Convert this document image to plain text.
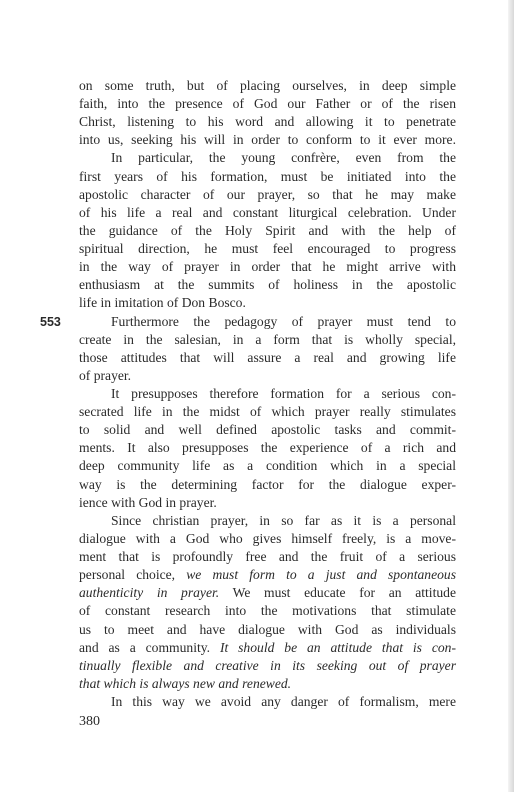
on some truth, but of placing ourselves, in deep simple
faith, into the presence of God our Father or of the risen
Christ, listening to his word and allowing it to penetrate
into us, seeking his will in order to conform to it ever more.
In particular, the young confrère, even from the
first years of his formation, must be initiated into the
apostolic character of our prayer, so that he may make
of his life a real and constant liturgical celebration. Under
the guidance of the Holy Spirit and with the help of
spiritual direction, he must feel encouraged to progress
in the way of prayer in order that he might arrive with
enthusiasm at the summits of holiness in the apostolic
life in imitation of Don Bosco.
553	Furthermore the pedagogy of prayer must tend to
create in the salesian, in a form that is wholly special,
those attitudes that will assure a real and growing life
of prayer.
It presupposes therefore formation for a serious con-
secrated life in the midst of which prayer really stimulates
to solid and well defined apostolic tasks and commit-
ments. It also presupposes the experience of a rich and
deep community life as a condition which in a special
way is the determining factor for the dialogue exper-
ience with God in prayer.
Since christian prayer, in so far as it is a personal
dialogue with a God who gives himself freely, is a move-
ment that is profoundly free and the fruit of a serious
personal choice, we must form to a just and spontaneous
authenticity in prayer. We must educate for an attitude
of constant research into the motivations that stimulate
us to meet and have dialogue with God as individuals
and as a community. It should be an attitude that is con-
tinually flexible and creative in its seeking out of prayer
that which is always new and renewed.
In this way we avoid any danger of formalism, mere
380
